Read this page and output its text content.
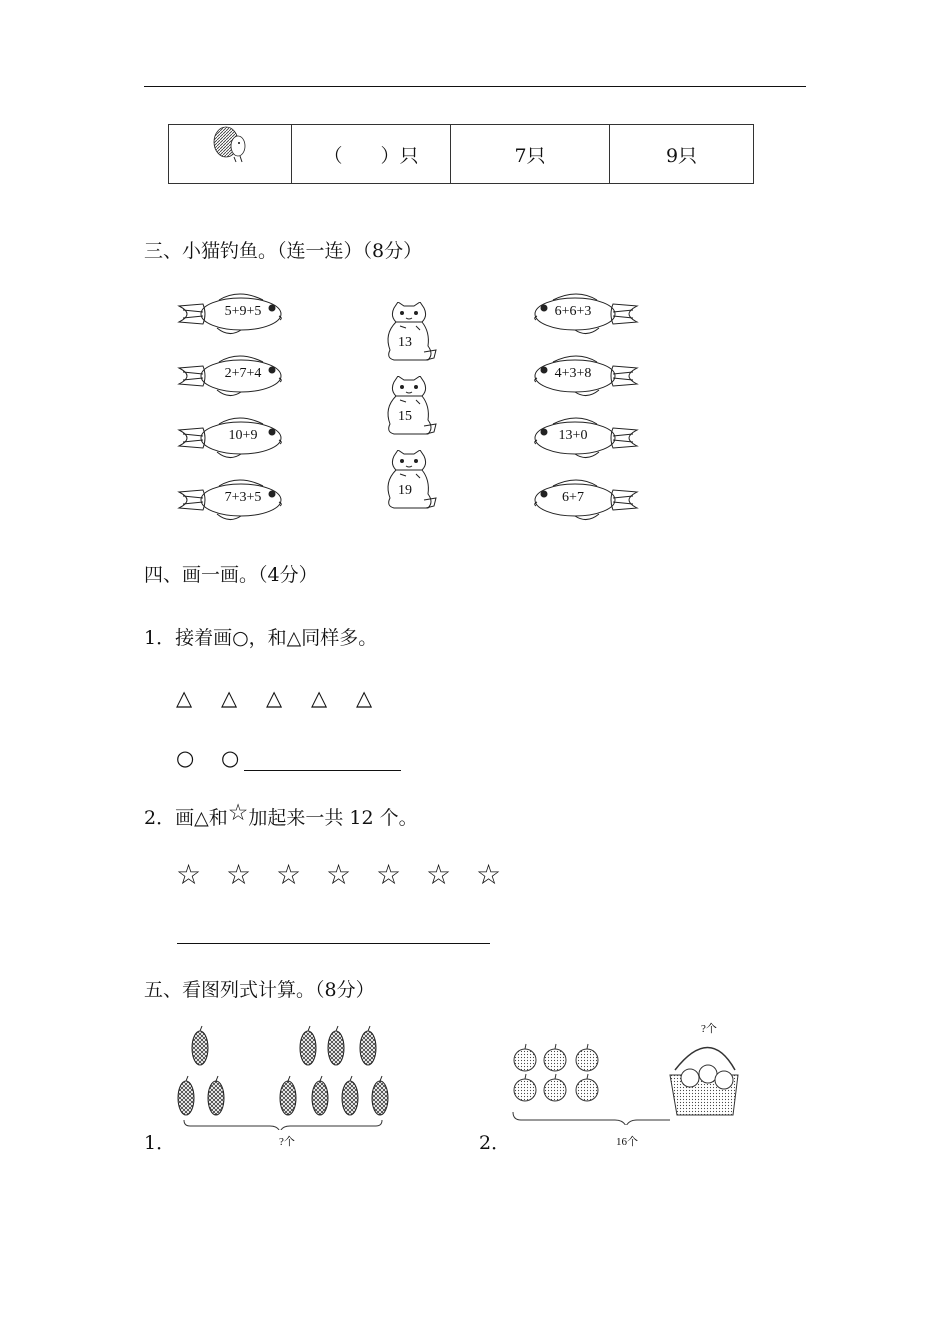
	（　　）只	7只	9只
三、小猫钓鱼。（连一连）（8分）
5+9+5
2+7+4
10+9
7+3+5
6+6+3
4+3+8
13+0
6+7
13
15
19
四、画一画。（4分）
1．接着画○，和△同样多。
△ △ △ △ △
○ ○
2．画△和☆加起来一共 12 个。
☆ ☆ ☆ ☆ ☆ ☆ ☆
五、看图列式计算。（8分）
1．	?个
?个
2．	16个
